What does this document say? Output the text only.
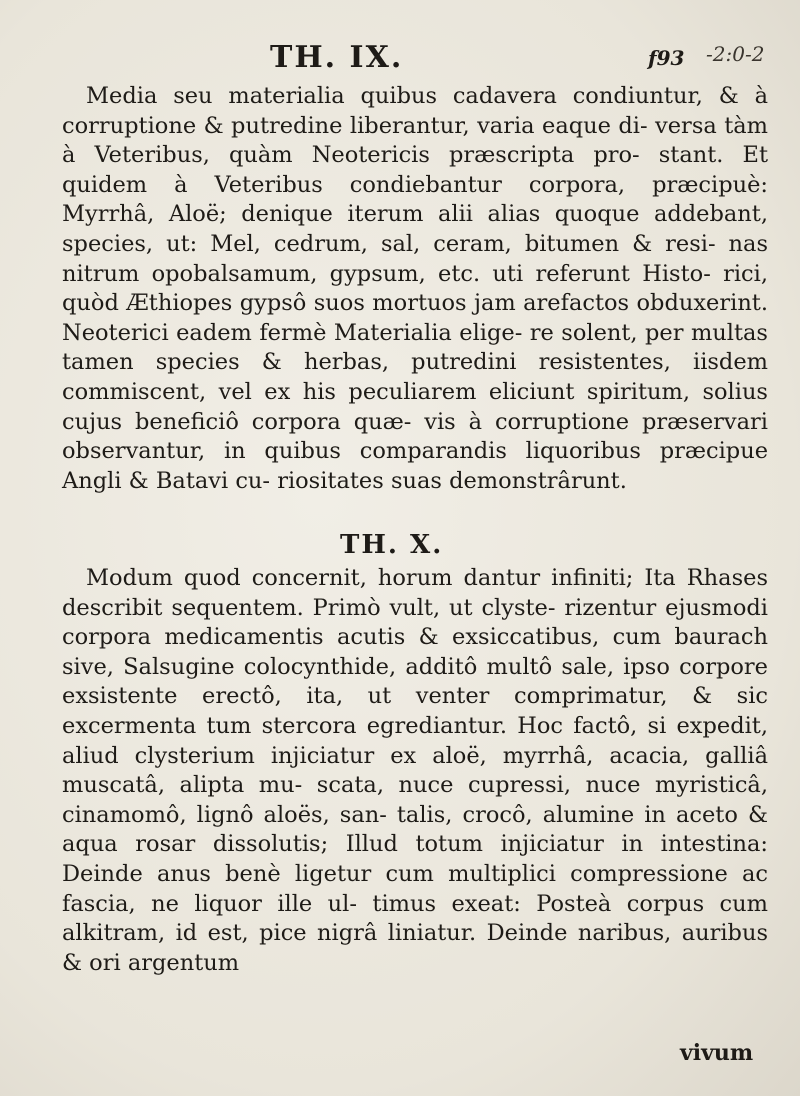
TH. IX.	f93 -2:0-2
Media seu materialia quibus cadavera condiuntur, & à corruptione & putredine liberantur, varia eaque di- versa tàm à Veteribus, quàm Neotericis præscripta pro- stant. Et quidem à Veteribus condiebantur corpora, præcipuè: Myrrhâ, Aloë; denique iterum alii alias quoque addebant, species, ut: Mel, cedrum, sal, ceram, bitumen & resi- nas nitrum opobalsamum, gypsum, etc. uti referunt Histo- rici, quòd Æthiopes gypsô suos mortuos jam arefactos obduxerint. Neoterici eadem fermè Materialia elige- re solent, per multas tamen species & herbas, putredini resistentes, iisdem commiscent, vel ex his peculiarem eliciunt spiritum, solius cujus beneficiô corpora quæ- vis à corruptione præservari observantur, in quibus comparandis liquoribus præcipue Angli & Batavi cu- riositates suas demonstrârunt.
TH. X.
Modum quod concernit, horum dantur infiniti; Ita Rhases describit sequentem. Primò vult, ut clyste- rizentur ejusmodi corpora medicamentis acutis & exsiccatibus, cum baurach sive, Salsugine colocynthide, additô multô sale, ipso corpore exsistente erectô, ita, ut venter comprimatur, & sic excermenta tum stercora egrediantur. Hoc factô, si expedit, aliud clysterium injiciatur ex aloë, myrrhâ, acacia, galliâ muscatâ, alipta mu- scata, nuce cupressi, nuce myristicâ, cinamomô, lignô aloës, san- talis, crocô, alumine in aceto & aqua rosar dissolutis; Illud totum injiciatur in intestina: Deinde anus benè ligetur cum multiplici compressione ac fascia, ne liquor ille ul- timus exeat: Posteà corpus cum alkitram, id est, pice nigrâ liniatur. Deinde naribus, auribus & ori argentum
vivum
